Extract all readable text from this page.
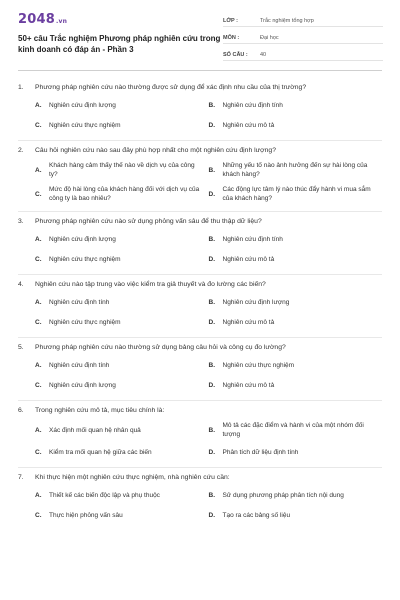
2048.vn
50+ câu Trắc nghiệm Phương pháp nghiên cứu trong kinh doanh có đáp án - Phần 3
LỚP :	Trắc nghiệm tổng hợp
MÔN :	Đại học
SỐ CÂU :	40
1.	Phương pháp nghiên cứu nào thường được sử dụng để xác định nhu cầu của thị trường?
A.	Nghiên cứu định lượng	B.	Nghiên cứu định tính
C.	Nghiên cứu thực nghiệm	D.	Nghiên cứu mô tả
2.	Câu hỏi nghiên cứu nào sau đây phù hợp nhất cho một nghiên cứu định lượng?
A.
Khách hàng cảm thấy thế nào về dịch vụ của công ty?
B.
Những yếu tố nào ảnh hưởng đến sự hài lòng của khách hàng?
C.
Mức độ hài lòng của khách hàng đối với dịch vụ của công ty là bao nhiêu?
D.
Các động lực tâm lý nào thúc đẩy hành vi mua sắm của khách hàng?
3.	Phương pháp nghiên cứu nào sử dụng phỏng vấn sâu để thu thập dữ liệu?
A.	Nghiên cứu định lượng	B.	Nghiên cứu định tính
C.	Nghiên cứu thực nghiệm	D.	Nghiên cứu mô tả
4.	Nghiên cứu nào tập trung vào việc kiểm tra giả thuyết và đo lường các biến?
A.	Nghiên cứu định tính	B.	Nghiên cứu định lượng
C.	Nghiên cứu thực nghiệm	D.	Nghiên cứu mô tả
5.	Phương pháp nghiên cứu nào thường sử dụng bảng câu hỏi và công cụ đo lường?
A.	Nghiên cứu định tính	B.	Nghiên cứu thực nghiệm
C.	Nghiên cứu định lượng	D.	Nghiên cứu mô tả
6.	Trong nghiên cứu mô tả, mục tiêu chính là:
A.	Xác định mối quan hệ nhân quả	B.
Mô tả các đặc điểm và hành vi của một nhóm đối tượng
C.	Kiểm tra mối quan hệ giữa các biến	D.	Phân tích dữ liệu định tính
7.	Khi thực hiện một nghiên cứu thực nghiệm, nhà nghiên cứu cần:
A.	Thiết kế các biến độc lập và phụ thuộc	B.	Sử dụng phương pháp phân tích nội dung
C.	Thực hiện phỏng vấn sâu	D.	Tạo ra các bảng số liệu
